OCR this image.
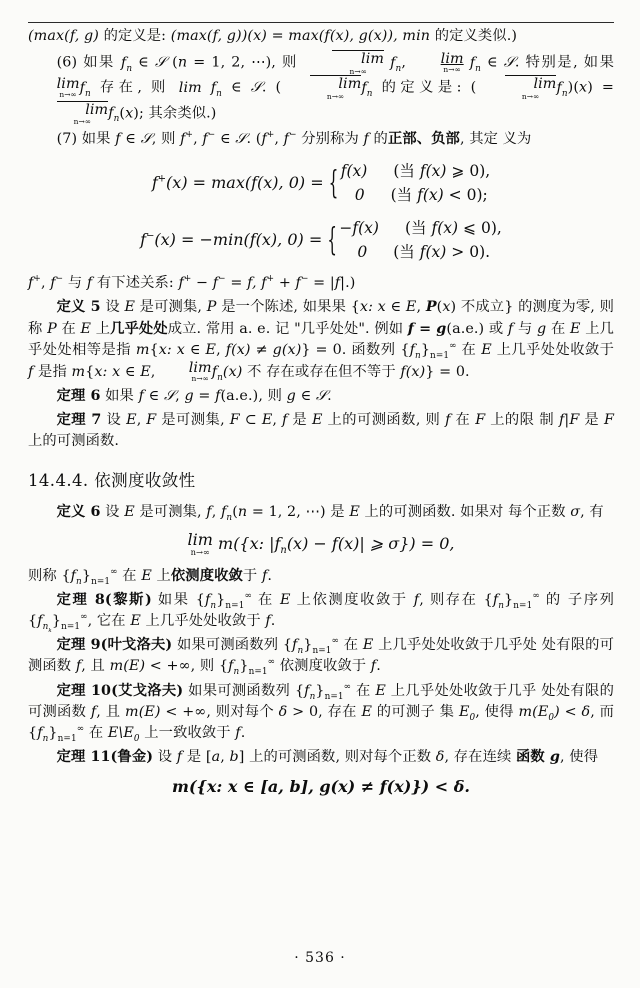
(max(f, g) 的定义是: (max(f, g))(x) = max(f(x), g(x)), min 的定义类似.)

(6) 如果 $f_n$ ∈ 𝒮 (n = 1, 2, ⋯), 则	lim
n→∞
$f_n$, lim
n→∞ $f_n$ ∈ 𝒮. 特别是, 如果 lim
n→∞ $f_n$ 存在, 则 $\lim f_n$ ∈ 𝒮. (	lim
n→∞
$f_n$ 的定义是: (	lim
n→∞
$f_n)(x) = \lim$
n→∞
$f_n(x)$; 其余类似.)

(7) 如果 f ∈ 𝒮, 则 f+, f− ∈ 𝒮. (f+, f− 分别称为 f 的正部、负部, 其定 义为

f+(x) = max(f(x), 0) = { f(x) (当 f(x) ⩾ 0),
0 (当 f(x) < 0);
f−(x) = −min(f(x), 0) = { −f(x) (当 f(x) ⩽ 0),
0 (当 f(x) > 0).

f+, f− 与 f 有下述关系: f+ − f− = f, f+ + f− = |f|.)

定义 5 设 E 是可测集, P 是一个陈述, 如果果 {x: x ∈ E, P(x) 不成立} 的测度为零, 则称 P 在 E 上几乎处处成立. 常用 a. e. 记 "几乎处处". 例如 f = g(a.e.) 或 f 与 g 在 E 上几乎处处相等是指 m{x: x ∈ E, f(x) ≠ g(x)} = 0. 函数列 $\{f_n\}_{n=1}^\infty$ 在 E 上几乎处处收敛于 f 是指 m{x: x ∈ E, lim
n→∞ $f_n(x)$ 不 存在或存在但不等于 f(x)} = 0.

定理 6 如果 f ∈ 𝒮, g = f(a.e.), 则 g ∈ 𝒮.

定理 7 设 E, F 是可测集, F ⊂ E, f 是 E 上的可测函数, 则 f 在 F 上的限 制 f|F 是 F 上的可测函数.

14.4.4. 依测度收敛性

定义 6 设 E 是可测集, f, $f_n(n = 1$, 2, ⋯) 是 E 上的可测函数. 如果对 每个正数 σ, 有

lim
n→∞ m({x: $|f_n(x) - f(x)|$ ⩾ σ}) = 0,

则称 $\{f_n\}_{n=1}^\infty$ 在 E 上依测度收敛于 f.

定理 8(黎斯) 如果 $\{f_n\}_{n=1}^\infty$ 在 E 上依测度收敛于 f, 则存在 $\{f_n\}_{n=1}^\infty$ 的 子序列 $\{f_{n_k}\}_{n=1}^\infty$, 它在 E 上几乎处处收敛于 f.

定理 9(叶戈洛夫) 如果可测函数列 $\{f_n\}_{n=1}^\infty$ 在 E 上几乎处处收敛于几乎处 处有限的可测函数 f, 且 m(E) < +∞, 则 $\{f_n\}_{n=1}^\infty$ 依测度收敛于 f.

定理 10(艾戈洛夫) 如果可测函数列 $\{f_n\}_{n=1}^\infty$ 在 E 上几乎处处收敛于几乎 处处有限的可测函数 f, 且 m(E) < +∞, 则对每个 δ > 0, 存在 E 的可测子 集 $E_0$, 使得 $m(E_0) < \delta$, 而 $\{f_n\}_{n=1}^\infty$ 在 $E\backslash E_0$ 上一致收敛于 f.

定理 11(鲁金) 设 f 是 [a, b] 上的可测函数, 则对每个正数 δ, 存在连续 函数 g, 使得

m({x: x ∈ [a, b], g(x) ≠ f(x)}) < δ.
· 536 ·
